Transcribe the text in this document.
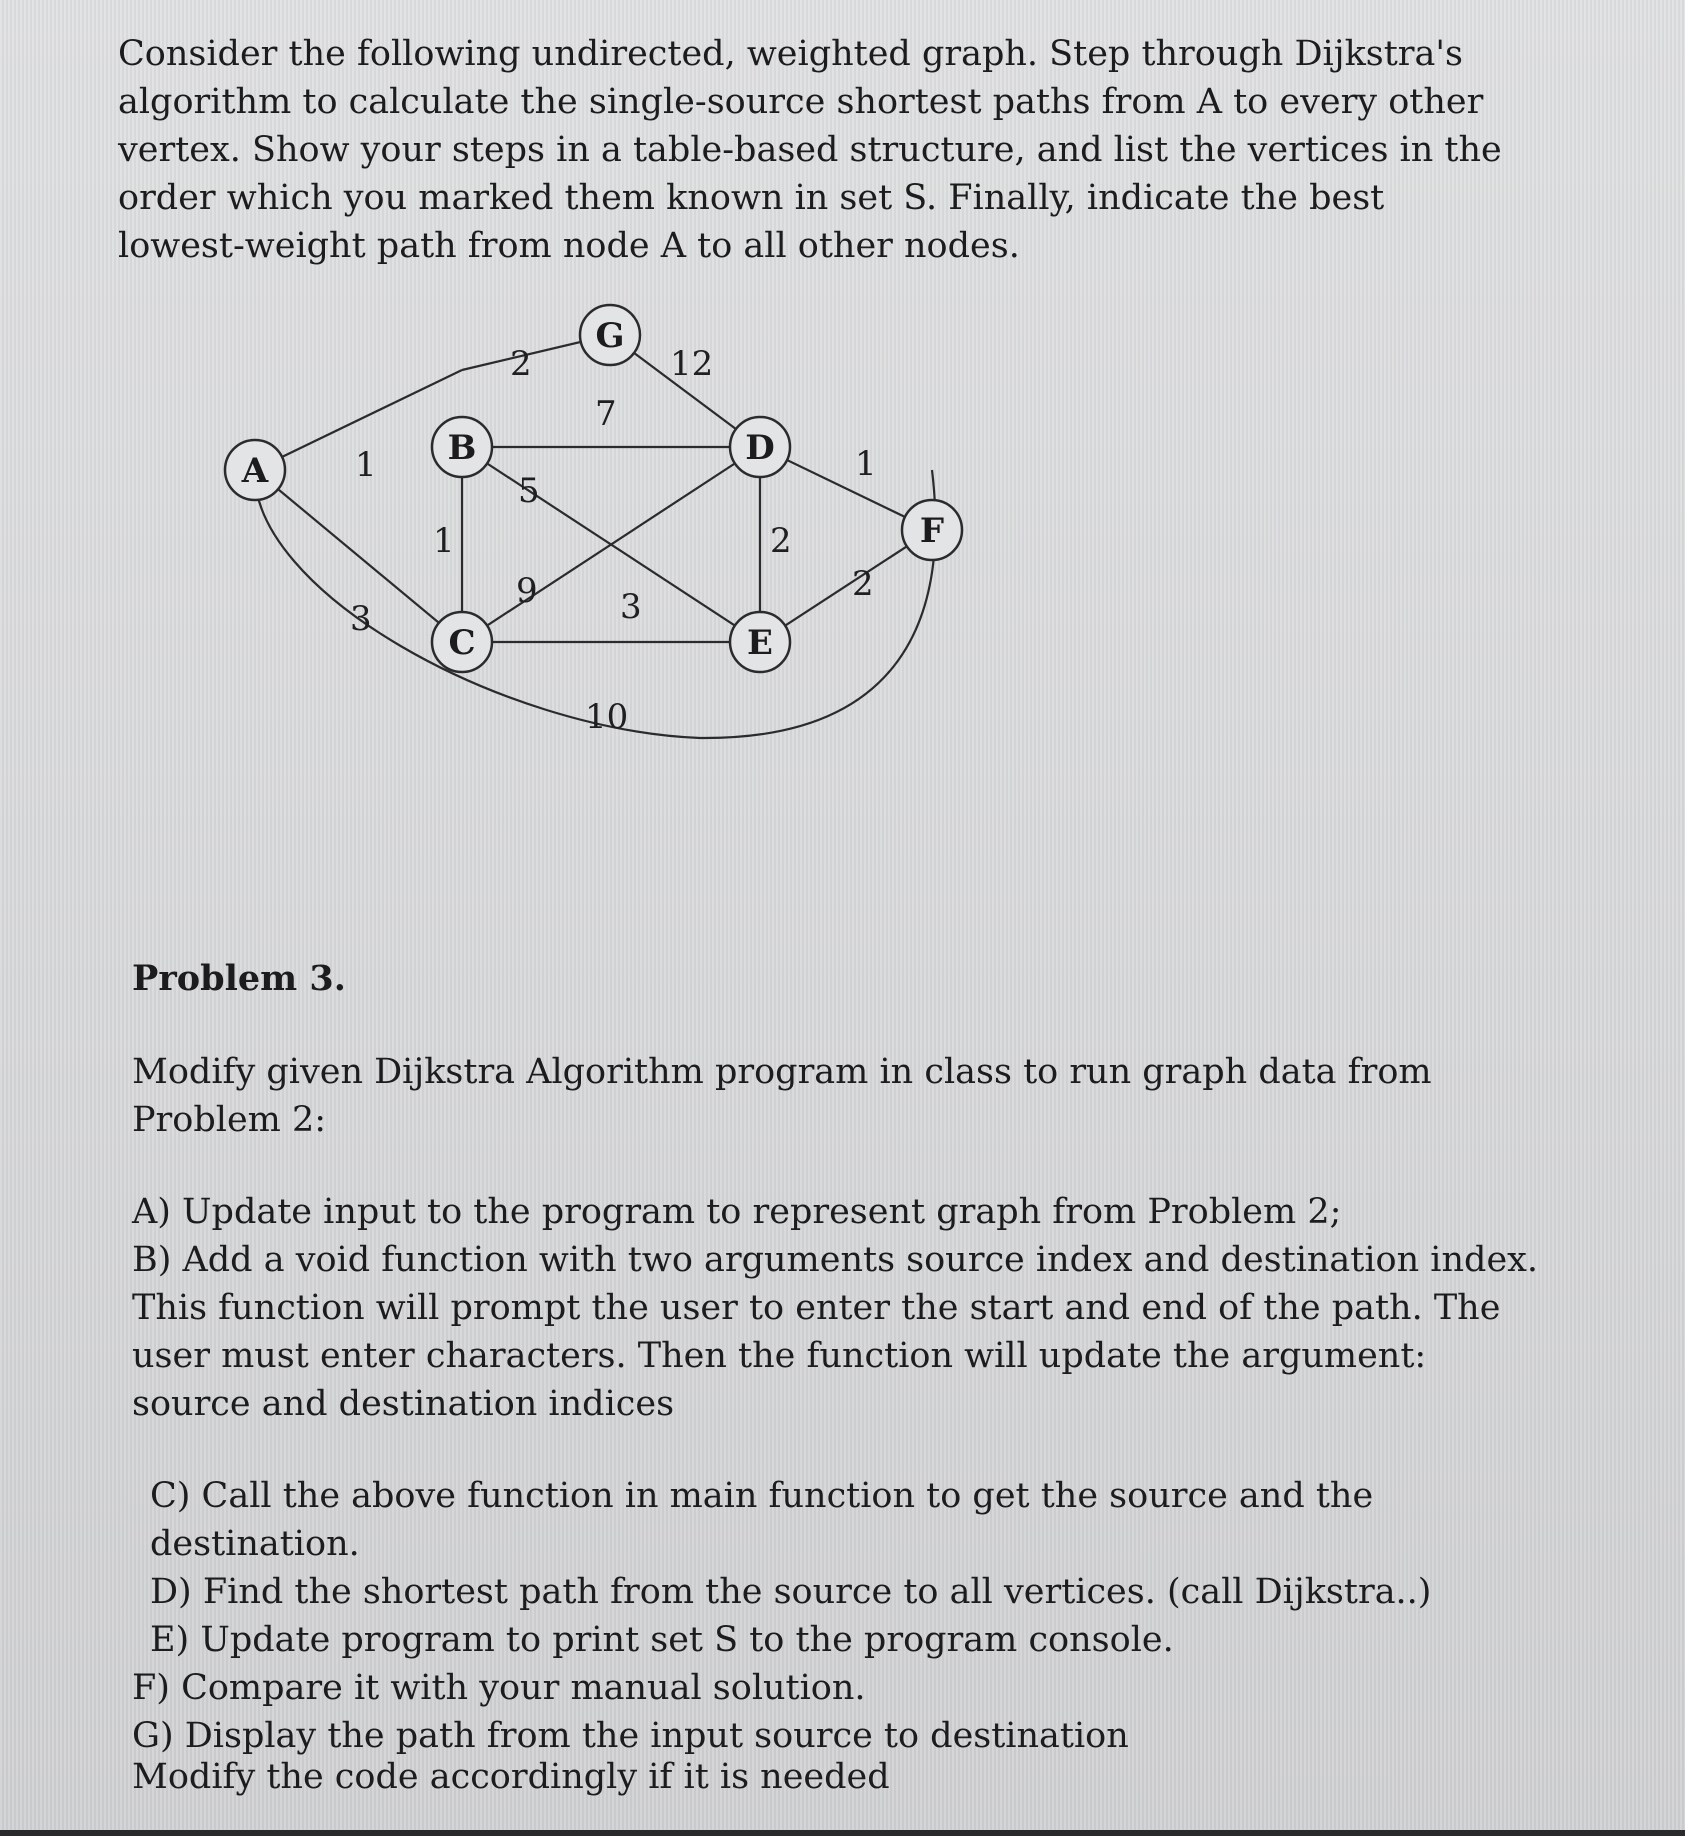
Consider the following undirected, weighted graph. Step through Dijkstra's algorithm to calculate the single-source shortest paths from A to every other vertex. Show your steps in a table-based structure, and list the vertices in the order which you marked them known in set S. Finally, indicate the best lowest-weight path from node A to all other nodes.

1
3
10
2
7
5
1
9 3
12
2
1
2
A
B
C
G
D
E
F

Problem 3.

Modify given Dijkstra Algorithm program in class to run graph data from Problem 2:

A) Update input to the program to represent graph from Problem 2;

B) Add a void function with two arguments source index and destination index. This function will prompt the user to enter the start and end of the path. The user must enter characters. Then the function will update the argument: source and destination indices

C) Call the above function in main function to get the source and the destination.

D) Find the shortest path from the source to all vertices. (call Dijkstra..)

E) Update program to print set S to the program console.

F) Compare it with your manual solution.

G) Display the path from the input source to destination

Modify the code accordingly if it is needed
